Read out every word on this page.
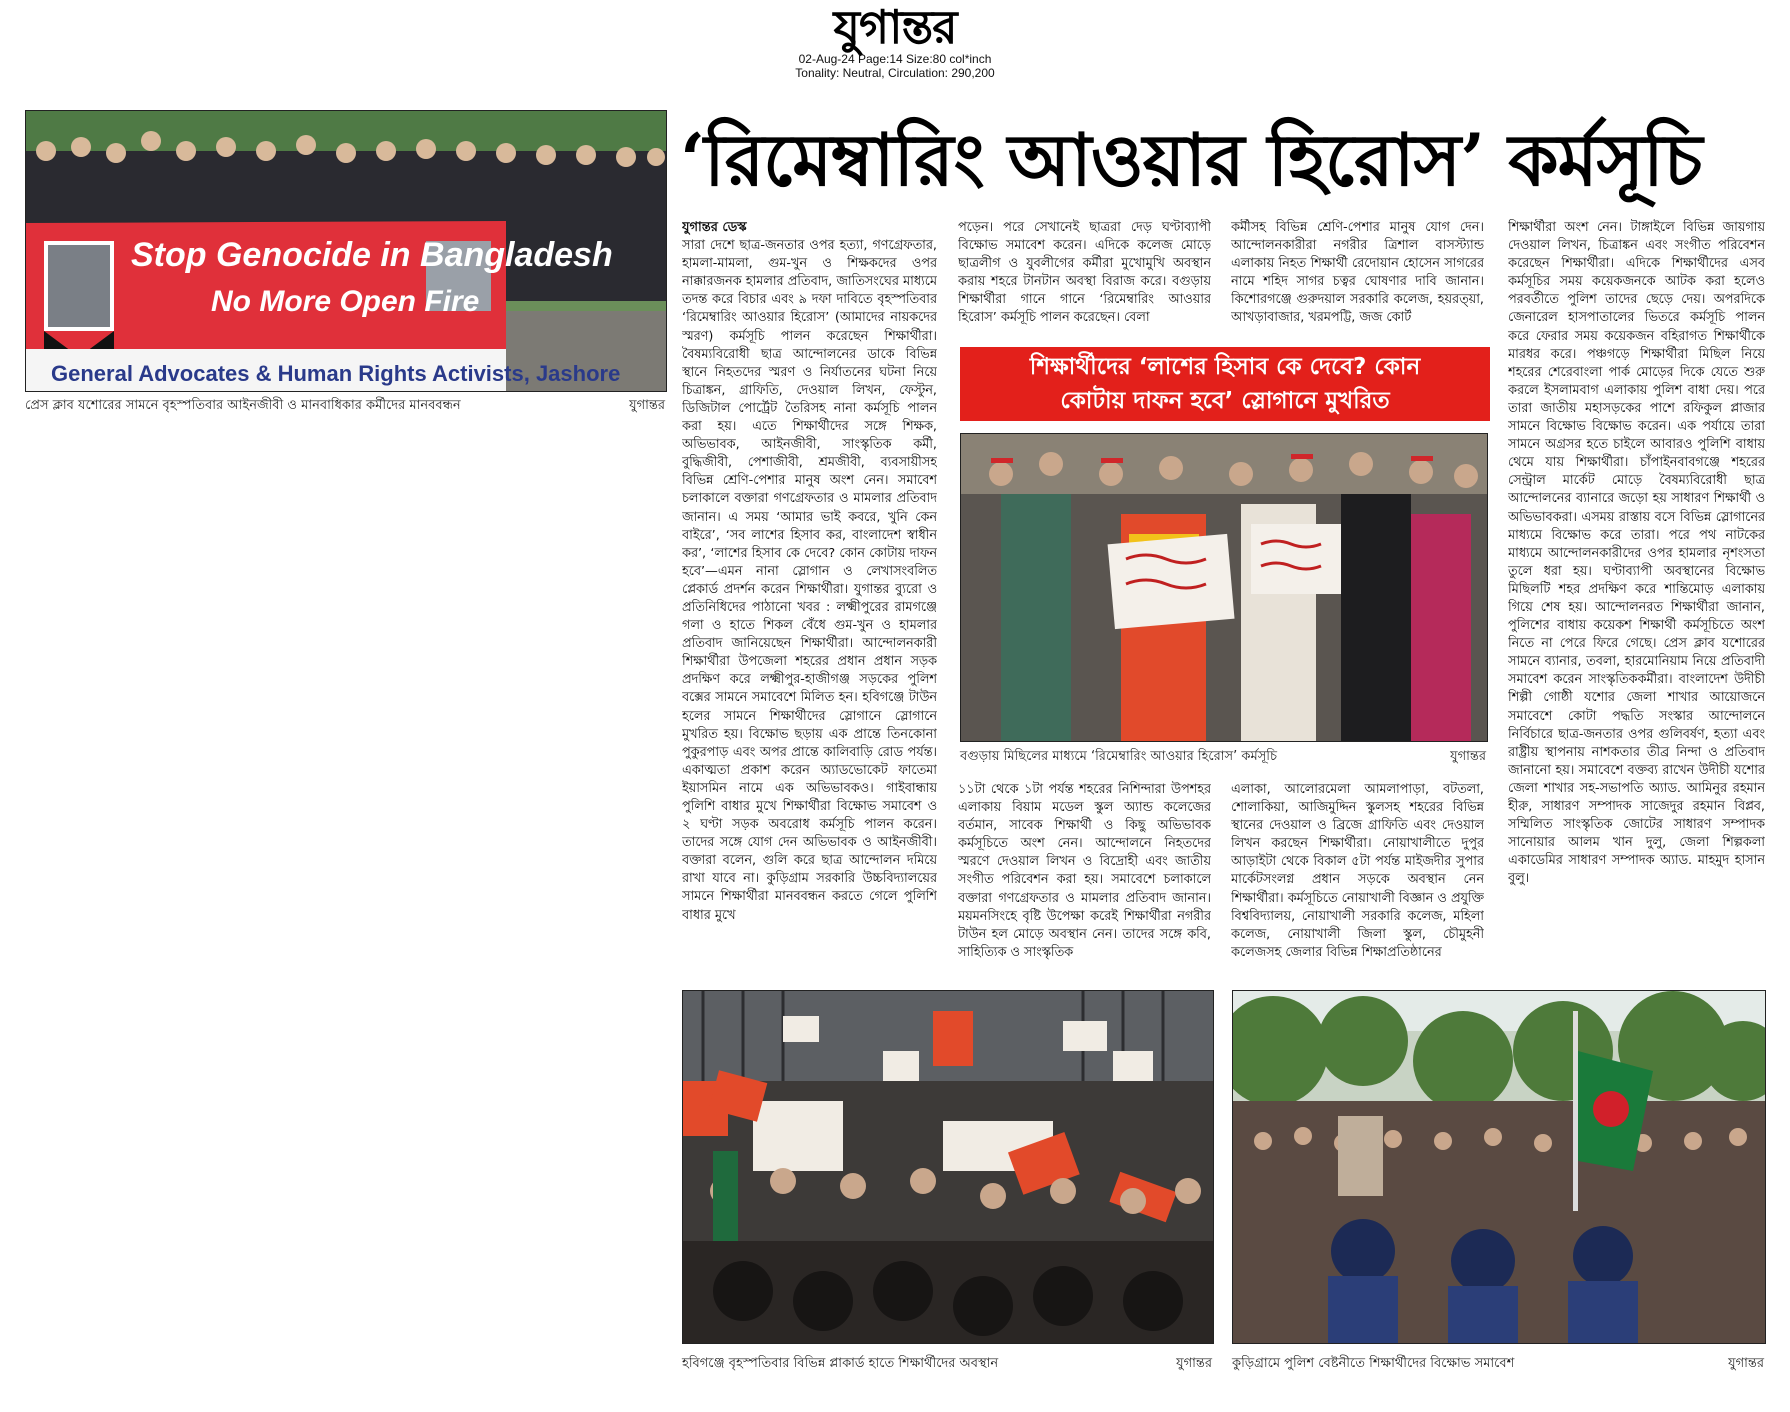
যুগান্তর
02-Aug-24 Page:14 Size:80 col*inch
Tonality: Neutral, Circulation: 290,200
Stop Genocide in Bangladesh
No More Open Fire
General Advocates & Human Rights Activists, Jashore
প্রেস ক্লাব যশোরের সামনে বৃহস্পতিবার আইনজীবী ও মানবাধিকার কর্মীদের মানববন্ধন	যুগান্তর
‘রিমেম্বারিং আওয়ার হিরোস’ কর্মসূচি
যুগান্তর ডেস্ক
সারা দেশে ছাত্র-জনতার ওপর হত্যা, গণগ্রেফতার, হামলা-মামলা, গুম-খুন ও শিক্ষকদের ওপর নাক্কারজনক হামলার প্রতিবাদ, জাতিসংঘের মাধ্যমে তদন্ত করে বিচার এবং ৯ দফা দাবিতে বৃহস্পতিবার ‘রিমেম্বারিং আওয়ার হিরোস’ (আমাদের নায়কদের স্মরণ) কর্মসূচি পালন করেছেন শিক্ষার্থীরা। বৈষম্যবিরোধী ছাত্র আন্দোলনের ডাকে বিভিন্ন স্থানে নিহতদের স্মরণ ও নির্যাতনের ঘটনা নিয়ে চিত্রাঙ্কন, গ্রাফিতি, দেওয়াল লিখন, ফেস্টুন, ডিজিটাল পোর্ট্রেট তৈরিসহ নানা কর্মসূচি পালন করা হয়। এতে শিক্ষার্থীদের সঙ্গে শিক্ষক, অভিভাবক, আইনজীবী, সাংস্কৃতিক কর্মী, বুদ্ধিজীবী, পেশাজীবী, শ্রমজীবী, ব্যবসায়ীসহ বিভিন্ন শ্রেণি-পেশার মানুষ অংশ নেন। সমাবেশ চলাকালে বক্তারা গণগ্রেফতার ও মামলার প্রতিবাদ জানান। এ সময় ‘আমার ভাই কবরে, খুনি কেন বাইরে’, ‘সব লাশের হিসাব কর, বাংলাদেশ স্বাধীন কর’, ‘লাশের হিসাব কে দেবে? কোন কোটায় দাফন হবে’—এমন নানা স্লোগান ও লেখাসংবলিত প্লেকার্ড প্রদর্শন করেন শিক্ষার্থীরা। যুগান্তর ব্যুরো ও প্রতিনিধিদের পাঠানো খবর : লক্ষ্মীপুরের রামগঞ্জে গলা ও হাতে শিকল বেঁধে গুম-খুন ও হামলার প্রতিবাদ জানিয়েছেন শিক্ষার্থীরা। আন্দোলনকারী শিক্ষার্থীরা উপজেলা শহরের প্রধান প্রধান সড়ক প্রদক্ষিণ করে লক্ষ্মীপুর-হাজীগঞ্জ সড়কের পুলিশ বক্সের সামনে সমাবেশে মিলিত হন। হবিগঞ্জে টাউন হলের সামনে শিক্ষার্থীদের স্লোগানে স্লোগানে মুখরিত হয়। বিক্ষোভ ছড়ায় এক প্রান্তে তিনকোনা পুকুরপাড় এবং অপর প্রান্তে কালিবাড়ি রোড পর্যন্ত। একাত্মতা প্রকাশ করেন অ্যাডভোকেট ফাতেমা ইয়াসমিন নামে এক অভিভাবকও। গাইবান্ধায় পুলিশি বাধার মুখে শিক্ষার্থীরা বিক্ষোভ সমাবেশ ও ২ ঘণ্টা সড়ক অবরোধ কর্মসূচি পালন করেন। তাদের সঙ্গে যোগ দেন অভিভাবক ও আইনজীবী। বক্তারা বলেন, গুলি করে ছাত্র আন্দোলন দমিয়ে রাখা যাবে না। কুড়িগ্রাম সরকারি উচ্চবিদ্যালয়ের সামনে শিক্ষার্থীরা মানববন্ধন করতে গেলে পুলিশি বাধার মুখে
পড়েন। পরে সেখানেই ছাত্ররা দেড় ঘণ্টাব্যাপী বিক্ষোভ সমাবেশ করেন। এদিকে কলেজ মোড়ে ছাত্রলীগ ও যুবলীগের কর্মীরা মুখোমুখি অবস্থান করায় শহরে টানটান অবস্থা বিরাজ করে। বগুড়ায় শিক্ষার্থীরা গানে গানে ‘রিমেম্বারিং আওয়ার হিরোস’ কর্মসূচি পালন করেছেন। বেলা
কর্মীসহ বিভিন্ন শ্রেণি-পেশার মানুষ যোগ দেন। আন্দোলনকারীরা নগরীর ত্রিশাল বাসস্ট্যান্ড এলাকায় নিহত শিক্ষার্থী রেদোয়ান হোসেন সাগরের নামে শহিদ সাগর চত্বর ঘোষণার দাবি জানান। কিশোরগঞ্জে গুরুদয়াল সরকারি কলেজ, হয়রত্য়া, আখড়াবাজার, খরমপট্টি, জজ কোর্ট
শিক্ষার্থীদের ‘লাশের হিসাব কে দেবে? কোন
কোটায় দাফন হবে’ স্লোগানে মুখরিত
শিক্ষার্থীরা অংশ নেন। টাঙ্গাইলে বিভিন্ন জায়গায় দেওয়াল লিখন, চিত্রাঙ্কন এবং সংগীত পরিবেশন করেছেন শিক্ষার্থীরা। এদিকে শিক্ষার্থীদের এসব কর্মসূচির সময় কয়েকজনকে আটক করা হলেও পরবর্তীতে পুলিশ তাদের ছেড়ে দেয়। অপরদিকে জেনারেল হাসপাতালের ভিতরে কর্মসূচি পালন করে ফেরার সময় কয়েকজন বহিরাগত শিক্ষার্থীকে মারধর করে। পঞ্চগড়ে শিক্ষার্থীরা মিছিল নিয়ে শহরের শেরেবাংলা পার্ক মোড়ের দিকে যেতে শুরু করলে ইসলামবাগ এলাকায় পুলিশ বাধা দেয়। পরে তারা জাতীয় মহাসড়কের পাশে রফিকুল প্লাজার সামনে বিক্ষোভ বিক্ষোভ করেন। এক পর্যায়ে তারা সামনে অগ্রসর হতে চাইলে আবারও পুলিশি বাধায় থেমে যায় শিক্ষার্থীরা। চাঁপাইনবাবগঞ্জে শহরের সেন্ট্রাল মার্কেট মোড়ে বৈষম্যবিরোধী ছাত্র আন্দোলনের ব্যানারে জড়ো হয় সাধারণ শিক্ষার্থী ও অভিভাবকরা। এসময় রাস্তায় বসে বিভিন্ন স্লোগানের মাধ্যমে বিক্ষোভ করে তারা। পরে পথ নাটকের মাধ্যমে আন্দোলনকারীদের ওপর হামলার নৃশংসতা তুলে ধরা হয়। ঘণ্টাব্যাপী অবস্থানের বিক্ষোভ মিছিলটি শহর প্রদক্ষিণ করে শান্তিমোড় এলাকায় গিয়ে শেষ হয়। আন্দোলনরত শিক্ষার্থীরা জানান, পুলিশের বাধায় কয়েকশ শিক্ষার্থী কর্মসূচিতে অংশ নিতে না পেরে ফিরে গেছে। প্রেস ক্লাব যশোরের সামনে ব্যানার, তবলা, হারমোনিয়াম নিয়ে প্রতিবাদী সমাবেশ করেন সাংস্কৃতিককর্মীরা। বাংলাদেশ উদীচী শিল্পী গোষ্ঠী যশোর জেলা শাখার আয়োজনে সমাবেশে কোটা পদ্ধতি সংস্কার আন্দোলনে নির্বিচারে ছাত্র-জনতার ওপর গুলিবর্ষণ, হত্যা এবং রাষ্ট্রীয় স্থাপনায় নাশকতার তীব্র নিন্দা ও প্রতিবাদ জানানো হয়। সমাবেশে বক্তব্য রাখেন উদীচী যশোর জেলা শাখার সহ-সভাপতি অ্যাড. আমিনুর রহমান হীরু, সাধারণ সম্পাদক সাজেদুর রহমান বিপ্লব, সম্মিলিত সাংস্কৃতিক জোটের সাধারণ সম্পাদক সানোয়ার আলম খান দুলু, জেলা শিল্পকলা একাডেমির সাধারণ সম্পাদক অ্যাড. মাহমুদ হাসান বুলু।
বগুড়ায় মিছিলের মাধ্যমে ‘রিমেম্বারিং আওয়ার হিরোস’ কর্মসূচি	যুগান্তর
১১টা থেকে ১টা পর্যন্ত শহরের নিশিন্দারা উপশহর এলাকায় বিয়াম মডেল স্কুল অ্যান্ড কলেজের বর্তমান, সাবেক শিক্ষার্থী ও কিছু অভিভাবক কর্মসূচিতে অংশ নেন। আন্দোলনে নিহতদের স্মরণে দেওয়াল লিখন ও বিদ্রোহী এবং জাতীয় সংগীত পরিবেশন করা হয়। সমাবেশে চলাকালে বক্তারা গণগ্রেফতার ও মামলার প্রতিবাদ জানান। ময়মনসিংহে বৃষ্টি উপেক্ষা করেই শিক্ষার্থীরা নগরীর টাউন হল মোড়ে অবস্থান নেন। তাদের সঙ্গে কবি, সাহিত্যিক ও সাংস্কৃতিক
এলাকা, আলোরমেলা আমলাপাড়া, বটতলা, শোলাকিয়া, আজিমুদ্দিন স্কুলসহ শহরের বিভিন্ন স্থানের দেওয়াল ও ব্রিজে গ্রাফিতি এবং দেওয়াল লিখন করছেন শিক্ষার্থীরা। নোয়াখালীতে দুপুর আড়াইটা থেকে বিকাল ৫টা পর্যন্ত মাইজদীর সুপার মার্কেটসংলগ্ন প্রধান সড়কে অবস্থান নেন শিক্ষার্থীরা। কর্মসূচিতে নোয়াখালী বিজ্ঞান ও প্রযুক্তি বিশ্ববিদ্যালয়, নোয়াখালী সরকারি কলেজ, মহিলা কলেজ, নোয়াখালী জিলা স্কুল, চৌমুহনী কলেজসহ জেলার বিভিন্ন শিক্ষাপ্রতিষ্ঠানের
হবিগঞ্জে বৃহস্পতিবার বিভিন্ন প্লাকার্ড হাতে শিক্ষার্থীদের অবস্থান	যুগান্তর কুড়িগ্রামে পুলিশ বেষ্টনীতে শিক্ষার্থীদের বিক্ষোভ সমাবেশ	যুগান্তর
